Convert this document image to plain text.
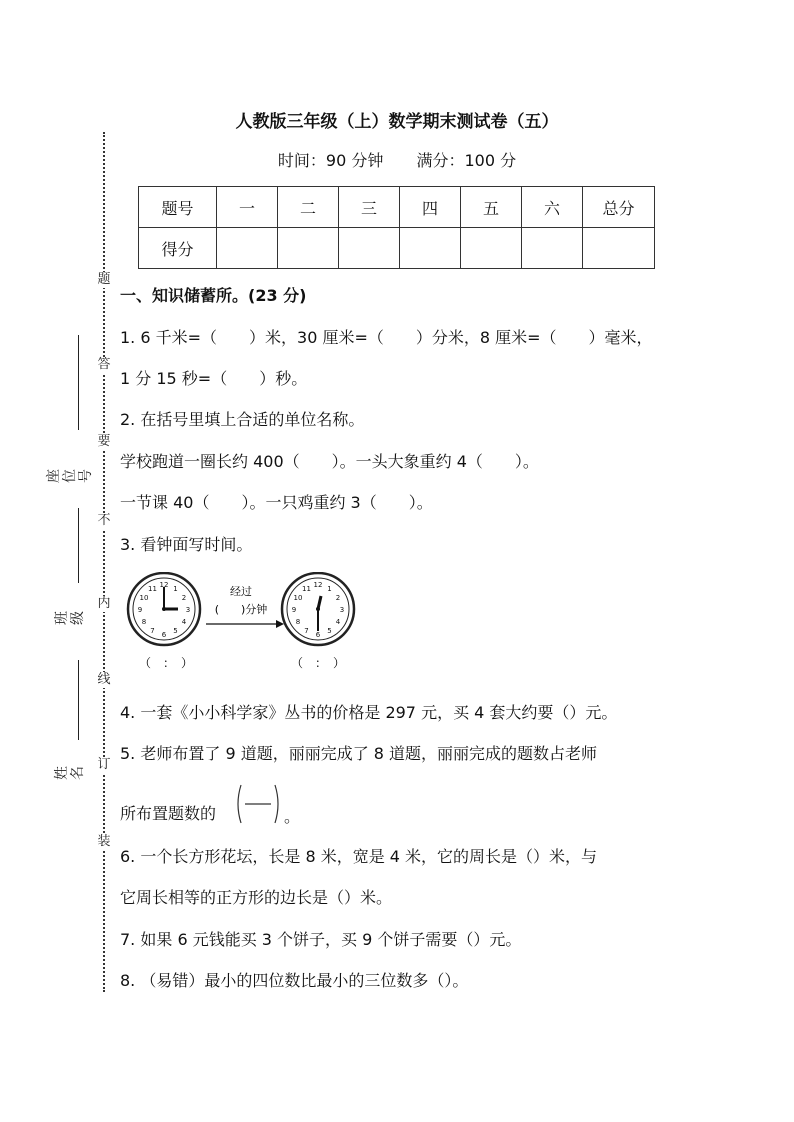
题
答
要
不
内
线
订
装
座位号
班级
姓名
人教版三年级（上）数学期末测试卷（五）
时间：90 分钟 满分：100 分
题号	一	二	三	四	五	六	总分
得分							
一、知识储蓄所。(23 分)
1. 6 千米=（　　）米，30 厘米=（　　）分米，8 厘米=（　　）毫米，
1 分 15 秒=（　　）秒。
2. 在括号里填上合适的单位名称。
学校跑道一圈长约 400（　　）。一头大象重约 4（　　）。
一节课 40（　　）。一只鸡重约 3（　　）。
3. 看钟面写时间。
12 1
2
3
4
5
6
7
8
9
10
11	经过
(　　)分钟
12 1
2
3
4
5
6
7
8
9
10
11
（　：　）	（　：　）
4. 一套《小小科学家》丛书的价格是 297 元，买 4 套大约要（）元。
5. 老师布置了 9 道题，丽丽完成了 8 道题，丽丽完成的题数占老师
所布置题数的	。
6. 一个长方形花坛，长是 8 米，宽是 4 米，它的周长是（）米，与
它周长相等的正方形的边长是（）米。
7. 如果 6 元钱能买 3 个饼子，买 9 个饼子需要（）元。
8. （易错）最小的四位数比最小的三位数多（）。
